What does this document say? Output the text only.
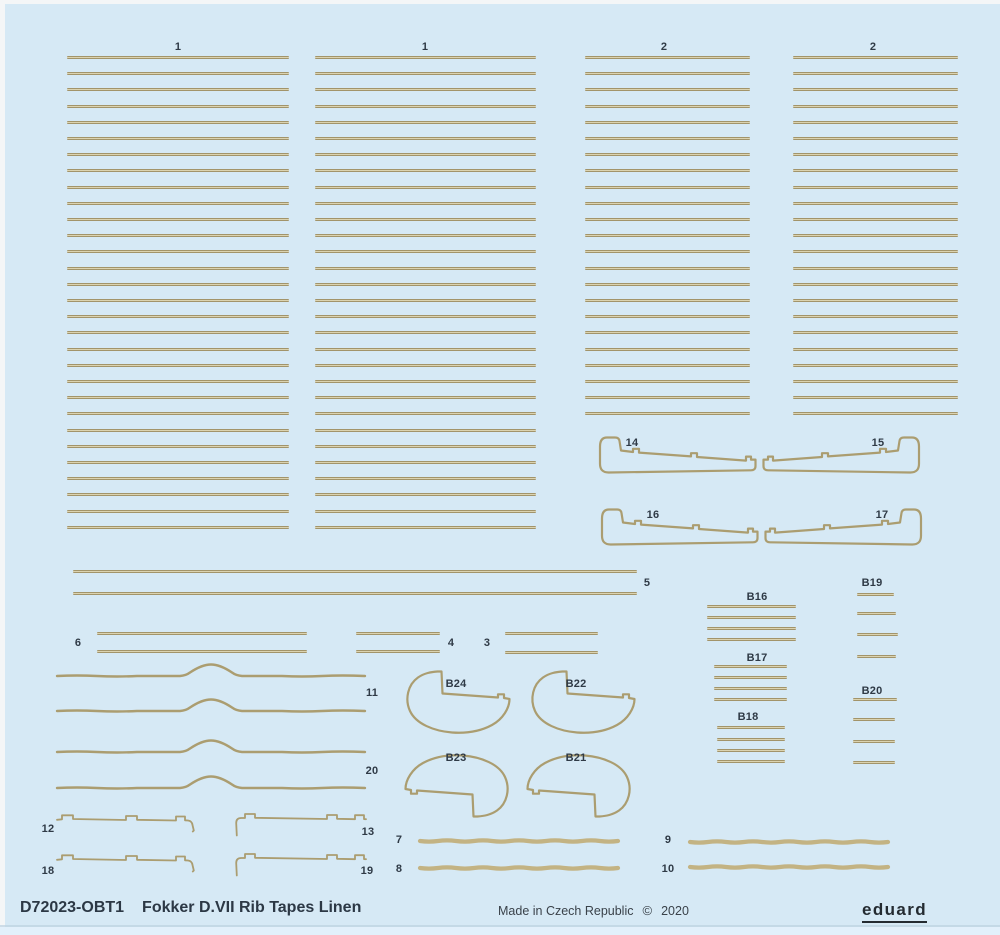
D72023-OBT1 Fokker D.VII Rib Tapes Linen	Made in Czech Republic © 2020	eduard
1	1	2	2
5
6	4	3
B16
B17
B18
B19
B20
14	15
16	17
B24	B22
B23	B21
12	13
18	19
7
8
9
10
11
20
